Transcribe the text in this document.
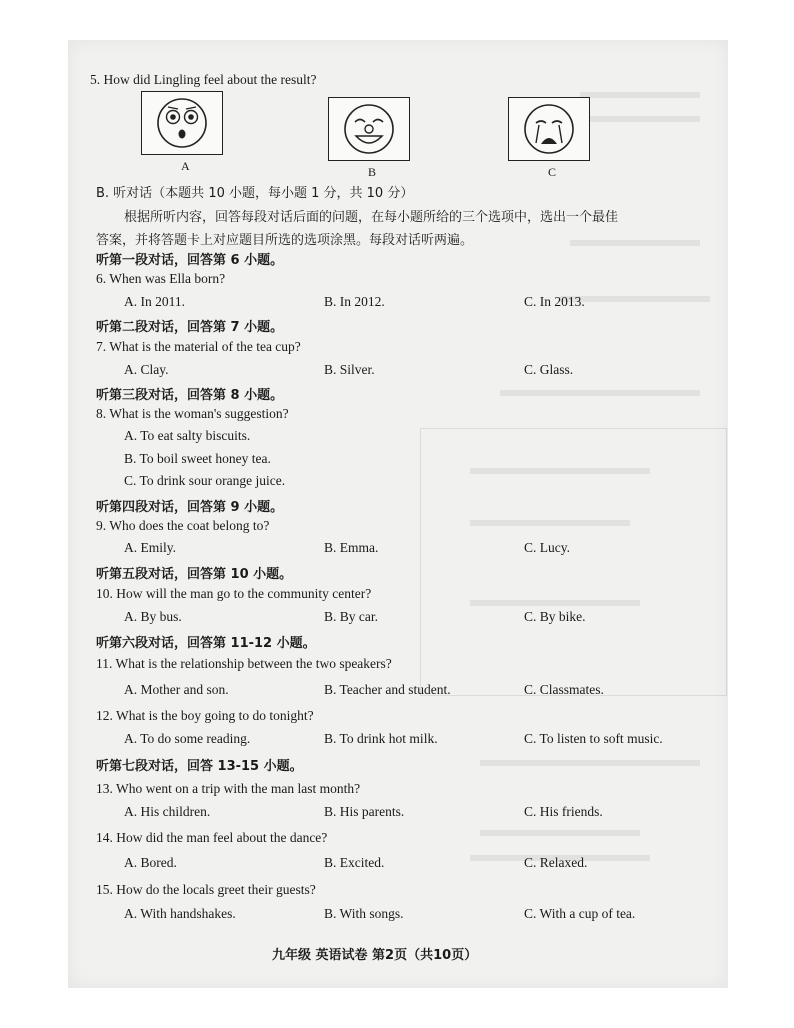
5. How did Lingling feel about the result?
A	B	C
B. 听对话（本题共 10 小题，每小题 1 分，共 10 分）
根据所听内容，回答每段对话后面的问题，在每小题所给的三个选项中，选出一个最佳
答案，并将答题卡上对应题目所选的选项涂黑。每段对话听两遍。
听第一段对话，回答第 6 小题。
6. When was Ella born?
A. In 2011.	B. In 2012.	C. In 2013.
听第二段对话，回答第 7 小题。
7. What is the material of the tea cup?
A. Clay.	B. Silver.	C. Glass.
听第三段对话，回答第 8 小题。
8. What is the woman's suggestion?
A. To eat salty biscuits.
B. To boil sweet honey tea.
C. To drink sour orange juice.
听第四段对话，回答第 9 小题。
9. Who does the coat belong to?
A. Emily.	B. Emma.	C. Lucy.
听第五段对话，回答第 10 小题。
10. How will the man go to the community center?
A. By bus.	B. By car.	C. By bike.
听第六段对话，回答第 11-12 小题。
11. What is the relationship between the two speakers?
A. Mother and son.	B. Teacher and student.	C. Classmates.
12. What is the boy going to do tonight?
A. To do some reading.	B. To drink hot milk.	C. To listen to soft music.
听第七段对话，回答 13-15 小题。
13. Who went on a trip with the man last month?
A. His children.	B. His parents.	C. His friends.
14. How did the man feel about the dance?
A. Bored.	B. Excited.	C. Relaxed.
15. How do the locals greet their guests?
A. With handshakes.	B. With songs.	C. With a cup of tea.
九年级 英语试卷 第2页（共10页）
